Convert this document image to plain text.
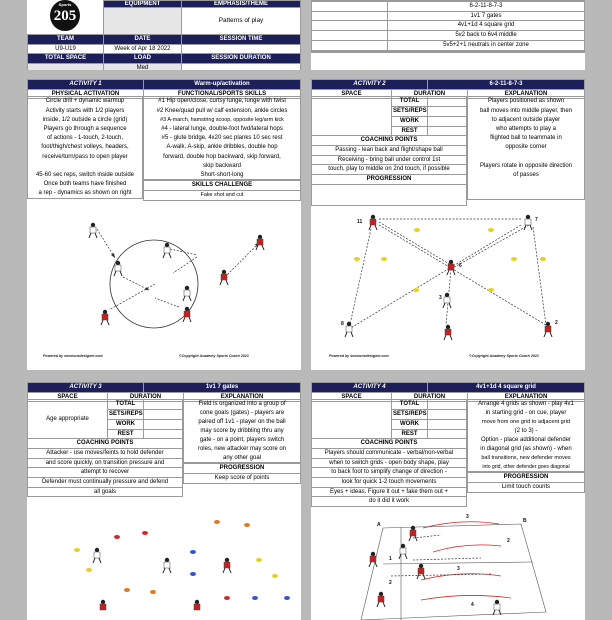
Sports
205
EQUIPMENT	EMPHASIS/THEME
	Patterns of play
TEAM	DATE	SESSION TIME
U9-U19	Week of Apr 18 2022	
TOTAL SPACE	LOAD	SESSION DURATION
	Med	

	6-2-11-8-7-3
	1v1 7 gates
	4v1+1d 4 square grid
	5v2 back to 6v4 middle
	5v5+2+1 neutrals in center zone

ACTIVITY 1	Warm-up/activation
PHYSICAL ACTIVATION	FUNCTIONAL/SPORTS SKILLS
Circle drill + dynamic warmup
Activity starts with 1/2 players
inside, 1/2 outside a circle (grid)
Players go through a sequence
of actions - 1-touch, 2-touch,
foot/thigh/chest volleys, headers,
receive/turn/pass to open player
45-60 sec reps, switch inside outside
Once both teams have finished
a rep - dynamics as shown on right
#1 Hip open/close, curtsy lunge, lunge with twist
#2 Knee/quad pull w/ calf extension, ankle circles
#3 A-march, hamstring scoop, opposite leg/arm kick
#4 - lateral lunge, double-foot fwd/lateral hops
#5 - glute bridge, 4x20 sec planks 10 sec rest
A-walk, A-skip, ankle dribbles, double hop
forward, double hop backward, skip forward,
skip backward
Short-short-long
SKILLS CHALLENGE
Fake shot and cut
Powered by sessionsdesigner.com	©Copyright Academy Sports Coach 2021
ACTIVITY 2		6-2-11-8-7-3	
SPACE	DURATION		EXPLANATION
	TOTAL	
	SETS/REPS	
	WORK	
	REST	
COACHING POINTS		
Passing - lean back and flight/shape ball		
Receiving - bring ball under control 1st		
touch, play to middle on 2nd touch, if possible		
PROGRESSION		

Players positioned as shown
ball moves into middle player, then
to adjacent outside player
who attempts to play a
flighted ball to teammate in
opposite corner
Players rotate in opposite direction
of passes
11	7
6
3
8	2
Powered by sessionsdesigner.com	©Copyright Academy Sports Coach 2021
ACTIVITY 3		1v1 7 gates	
SPACE	DURATION		EXPLANATION
Age appropriate	TOTAL	
	SETS/REPS	
	WORK	
	REST	
COACHING POINTS		
Attacker - use moves/feints to hold defender		
and score quickly, on transition pressure and		
attempt to recover		
Defender must continually pressure and defend		
all goals		
Field is organized into a group of
cone goals (gates) - players are
paired off 1v1 - player on the ball
may score by dribbling thru any
gate - on a point, players switch
roles, new attacker may score on
any other goal
PROGRESSION
Keep score of points
ACTIVITY 4		4v1+1d 4 square grid	
SPACE	DURATION		EXPLANATION
	TOTAL	
	SETS/REPS	
	WORK	
	REST	
COACHING POINTS		
Players should communicate - verbal/non-verbal		
when to switch grids - open body shape, play		
to back foot to simplify change of direction -		
look for quick 1-2 touch movements		
Eyes + ideas. Figure it out + fake them out +		
do it did it work		
Arrange 4 grids as shown - play 4v1
in starting grid - on cue, player
move from one grid to adjacent grid
(2 to 3) -
Option - place additional defender
in diagonal grid (as shown) - when
ball transitions, new defender moves
into grid, other defender goes diagonal
PROGRESSION
Limit touch counts
A
B
3
2
1
2
3
4
